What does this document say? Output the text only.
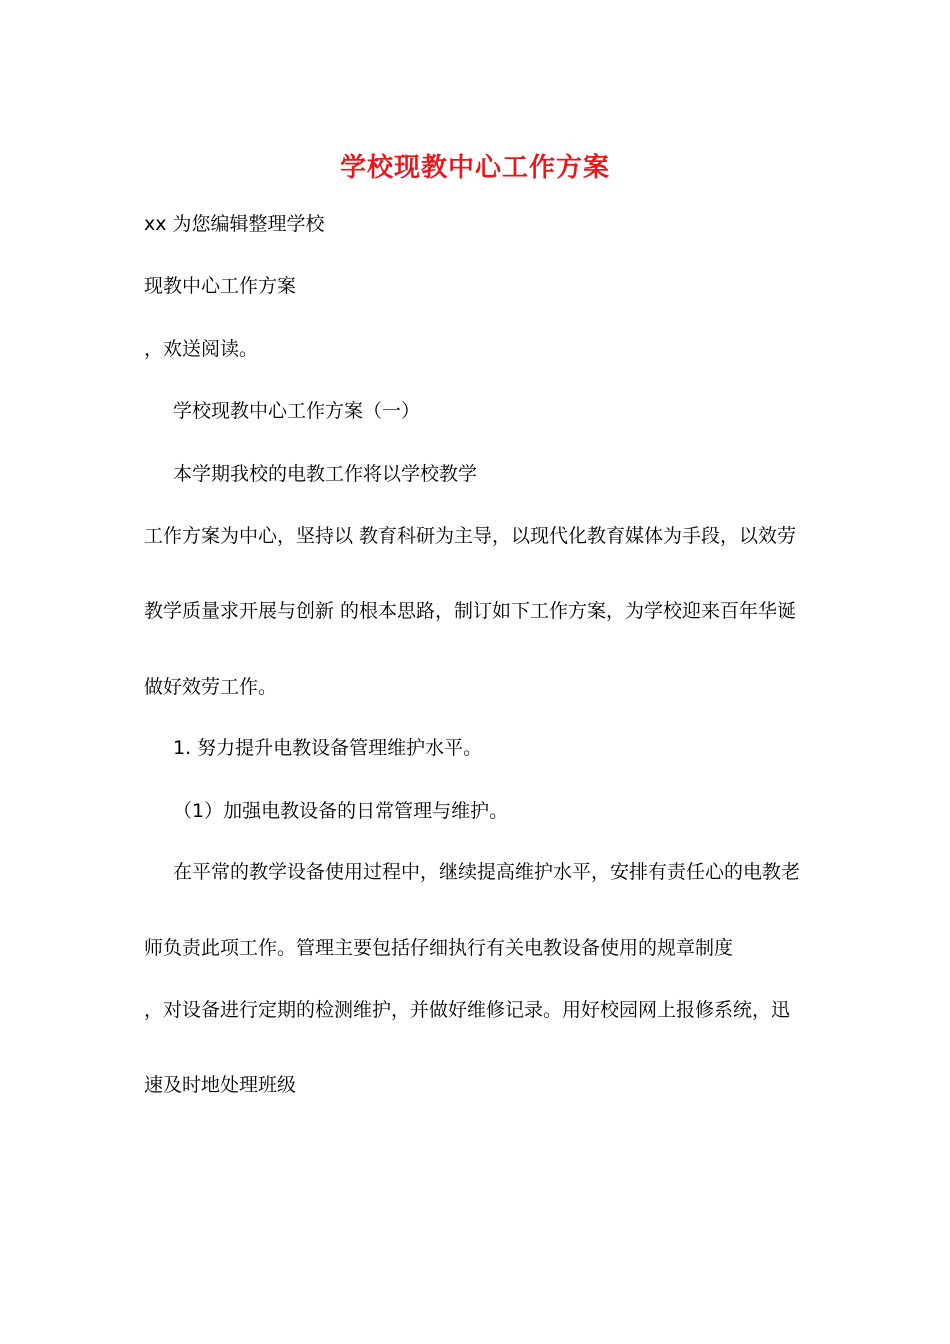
学校现教中心工作方案
xx 为您编辑整理学校
现教中心工作方案
，欢送阅读。
学校现教中心工作方案（一）
本学期我校的电教工作将以学校教学
工作方案为中心，坚持以 教育科研为主导，以现代化教育媒体为手段，以效劳
教学质量求开展与创新 的根本思路，制订如下工作方案，为学校迎来百年华诞
做好效劳工作。
1. 努力提升电教设备管理维护水平。
（1）加强电教设备的日常管理与维护。
在平常的教学设备使用过程中，继续提高维护水平，安排有责任心的电教老
师负责此项工作。管理主要包括仔细执行有关电教设备使用的规章制度
，对设备进行定期的检测维护，并做好维修记录。用好校园网上报修系统，迅
速及时地处理班级
